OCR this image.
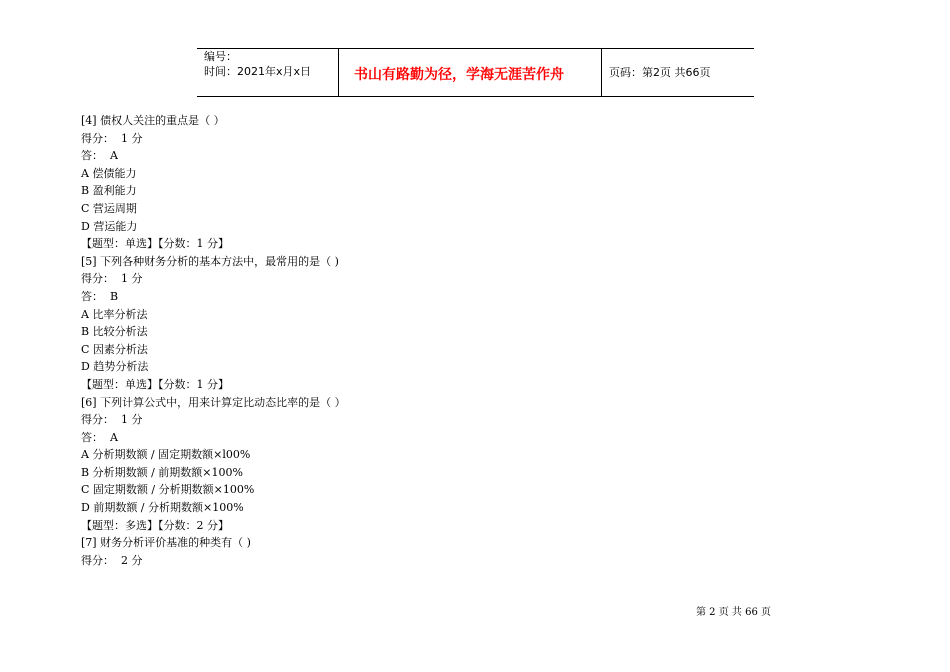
编号：
时间：2021年x月x日	书山有路勤为径，学海无涯苦作舟	页码：第2页 共66页
[4] 债权人关注的重点是（ ）
得分：  1 分
答：  A
A 偿债能力
B 盈利能力
C 营运周期
D 营运能力
【题型：单选】【分数：1 分】
[5] 下列各种财务分析的基本方法中，最常用的是（ )
得分：  1 分
答：  B
A 比率分析法
B 比较分析法
C 因素分析法
D 趋势分析法
【题型：单选】【分数：1 分】
[6] 下列计算公式中，用来计算定比动态比率的是（ ）
得分：  1 分
答：  A
A 分析期数额 / 固定期数额×l00%
B 分析期数额 / 前期数额×100%
C 固定期数额 / 分析期数额×100%
D 前期数额 / 分析期数额×100%
【题型：多选】【分数：2 分】
[7] 财务分析评价基准的种类有（ )
得分：  2 分
第 2 页 共 66 页
